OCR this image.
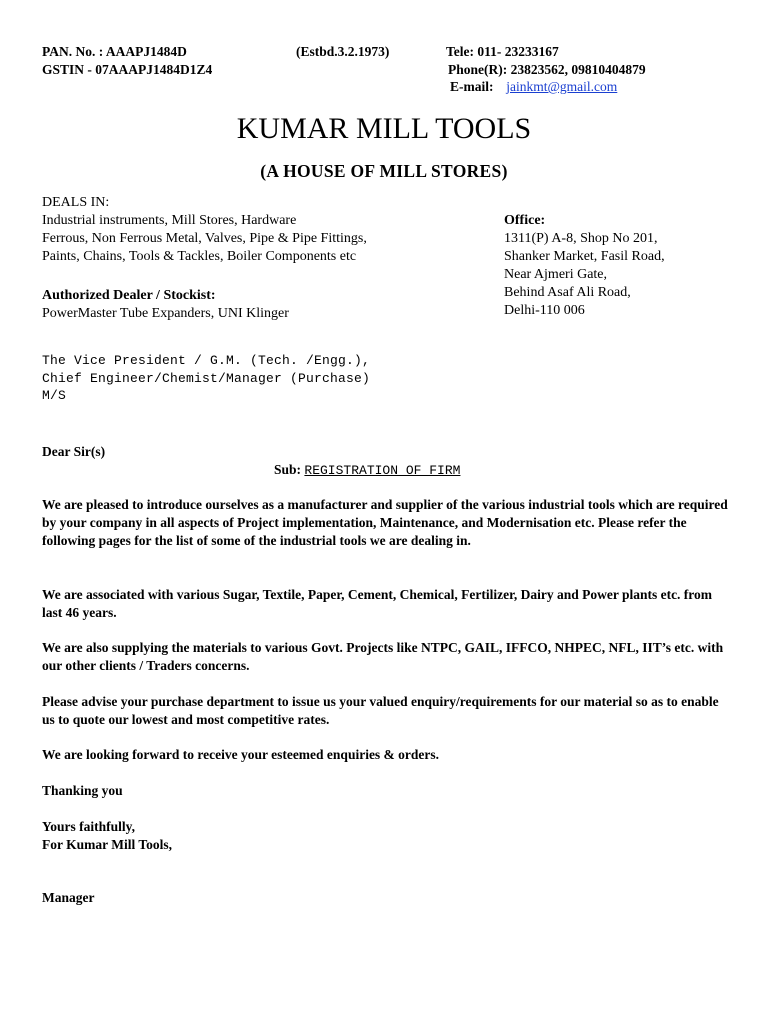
PAN. No. : AAAPJ1484D	(Estbd.3.2.1973)	Tele: 011- 23233167
GSTIN - 07AAAPJ1484D1Z4	Phone(R): 23823562, 09810404879
E-mail: jainkmt@gmail.com
KUMAR MILL TOOLS
(A HOUSE OF MILL STORES)
DEALS IN:
Industrial instruments, Mill Stores, Hardware
Ferrous, Non Ferrous Metal, Valves, Pipe & Pipe Fittings,
Paints, Chains, Tools & Tackles, Boiler Components etc
Authorized Dealer / Stockist:
PowerMaster Tube Expanders, UNI Klinger
Office:
1311(P) A-8, Shop No 201,
Shanker Market, Fasil Road,
Near Ajmeri Gate,
Behind Asaf Ali Road,
Delhi-110 006
The Vice President / G.M. (Tech. /Engg.),
Chief Engineer/Chemist/Manager (Purchase)
M/S
Dear Sir(s)
Sub: REGISTRATION OF FIRM
We are pleased to introduce ourselves as a manufacturer and supplier of the various industrial tools which are required by your company in all aspects of Project implementation, Maintenance, and Modernisation etc. Please refer the following pages for the list of some of the industrial tools we are dealing in.
We are associated with various Sugar, Textile, Paper, Cement, Chemical, Fertilizer, Dairy and Power plants etc. from last 46 years.
We are also supplying the materials to various Govt. Projects like NTPC, GAIL, IFFCO, NHPEC, NFL, IIT’s etc. with our other clients / Traders concerns.
Please advise your purchase department to issue us your valued enquiry/requirements for our material so as to enable us to quote our lowest and most competitive rates.
We are looking forward to receive your esteemed enquiries & orders.
Thanking you
Yours faithfully,
For Kumar Mill Tools,
Manager
